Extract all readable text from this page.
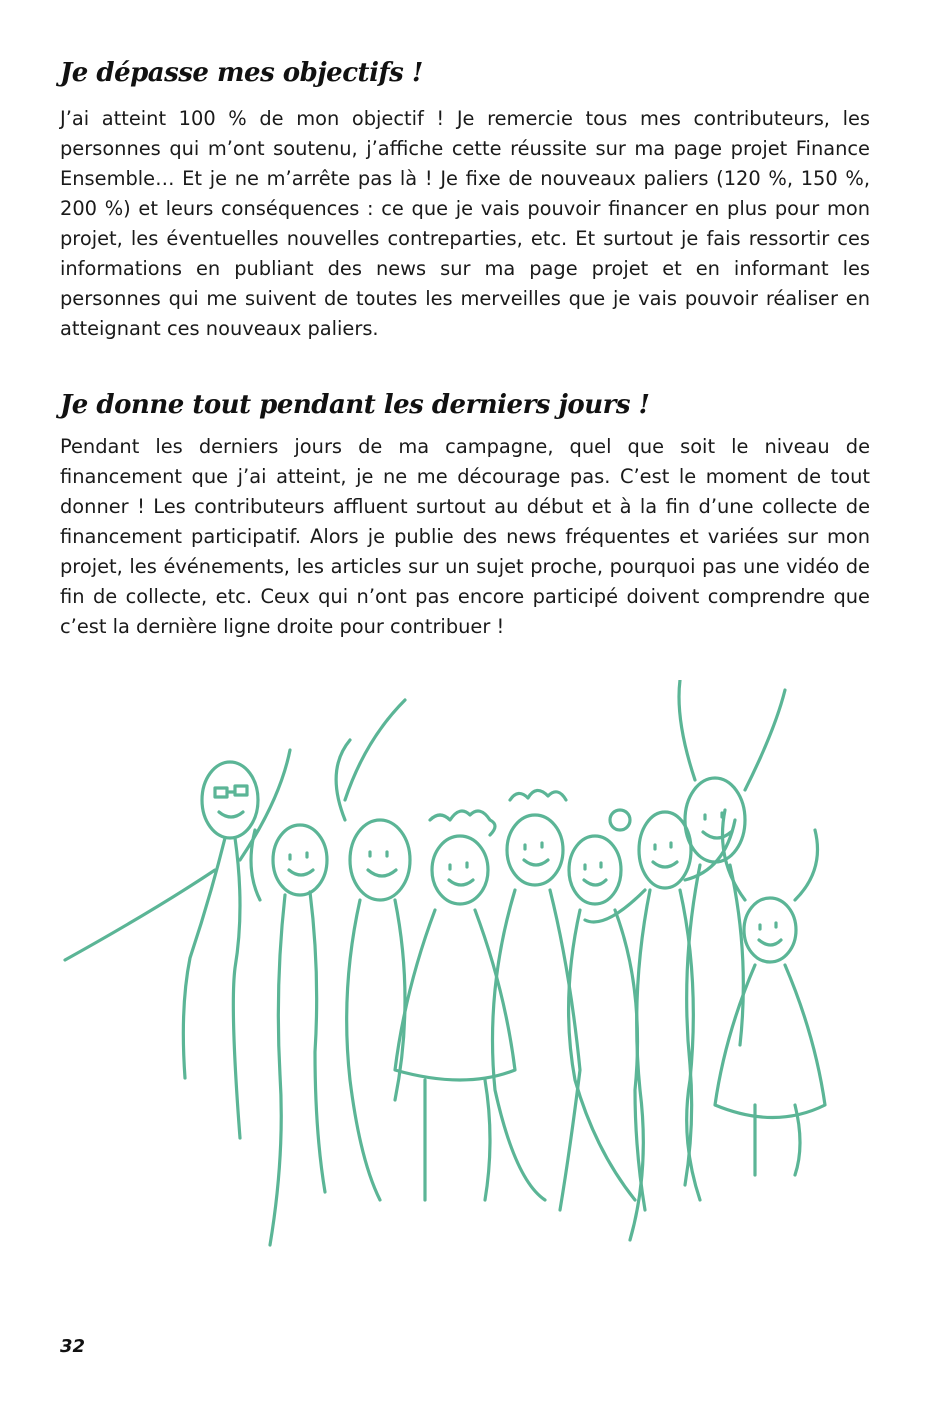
Je dépasse mes objectifs !

J’ai atteint 100 % de mon objectif ! Je remercie tous mes contributeurs, les personnes qui m’ont soutenu, j’affiche cette réussite sur ma page projet Finance Ensemble… Et je ne m’arrête pas là ! Je fixe de nouveaux paliers (120 %, 150 %, 200 %) et leurs conséquences : ce que je vais pouvoir financer en plus pour mon projet, les éventuelles nouvelles contreparties, etc. Et surtout je fais ressortir ces informations en publiant des news sur ma page projet et en informant les personnes qui me suivent de toutes les merveilles que je vais pouvoir réaliser en atteignant ces nouveaux paliers.

Je donne tout pendant les derniers jours !

Pendant les derniers jours de ma campagne, quel que soit le niveau de financement que j’ai atteint, je ne me décourage pas. C’est le moment de tout donner ! Les contributeurs affluent surtout au début et à la fin d’une collecte de financement participatif. Alors je publie des news fréquentes et variées sur mon projet, les événements, les articles sur un sujet proche, pourquoi pas une vidéo de fin de collecte, etc. Ceux qui n’ont pas encore participé doivent comprendre que c’est la dernière ligne droite pour contribuer !

32
